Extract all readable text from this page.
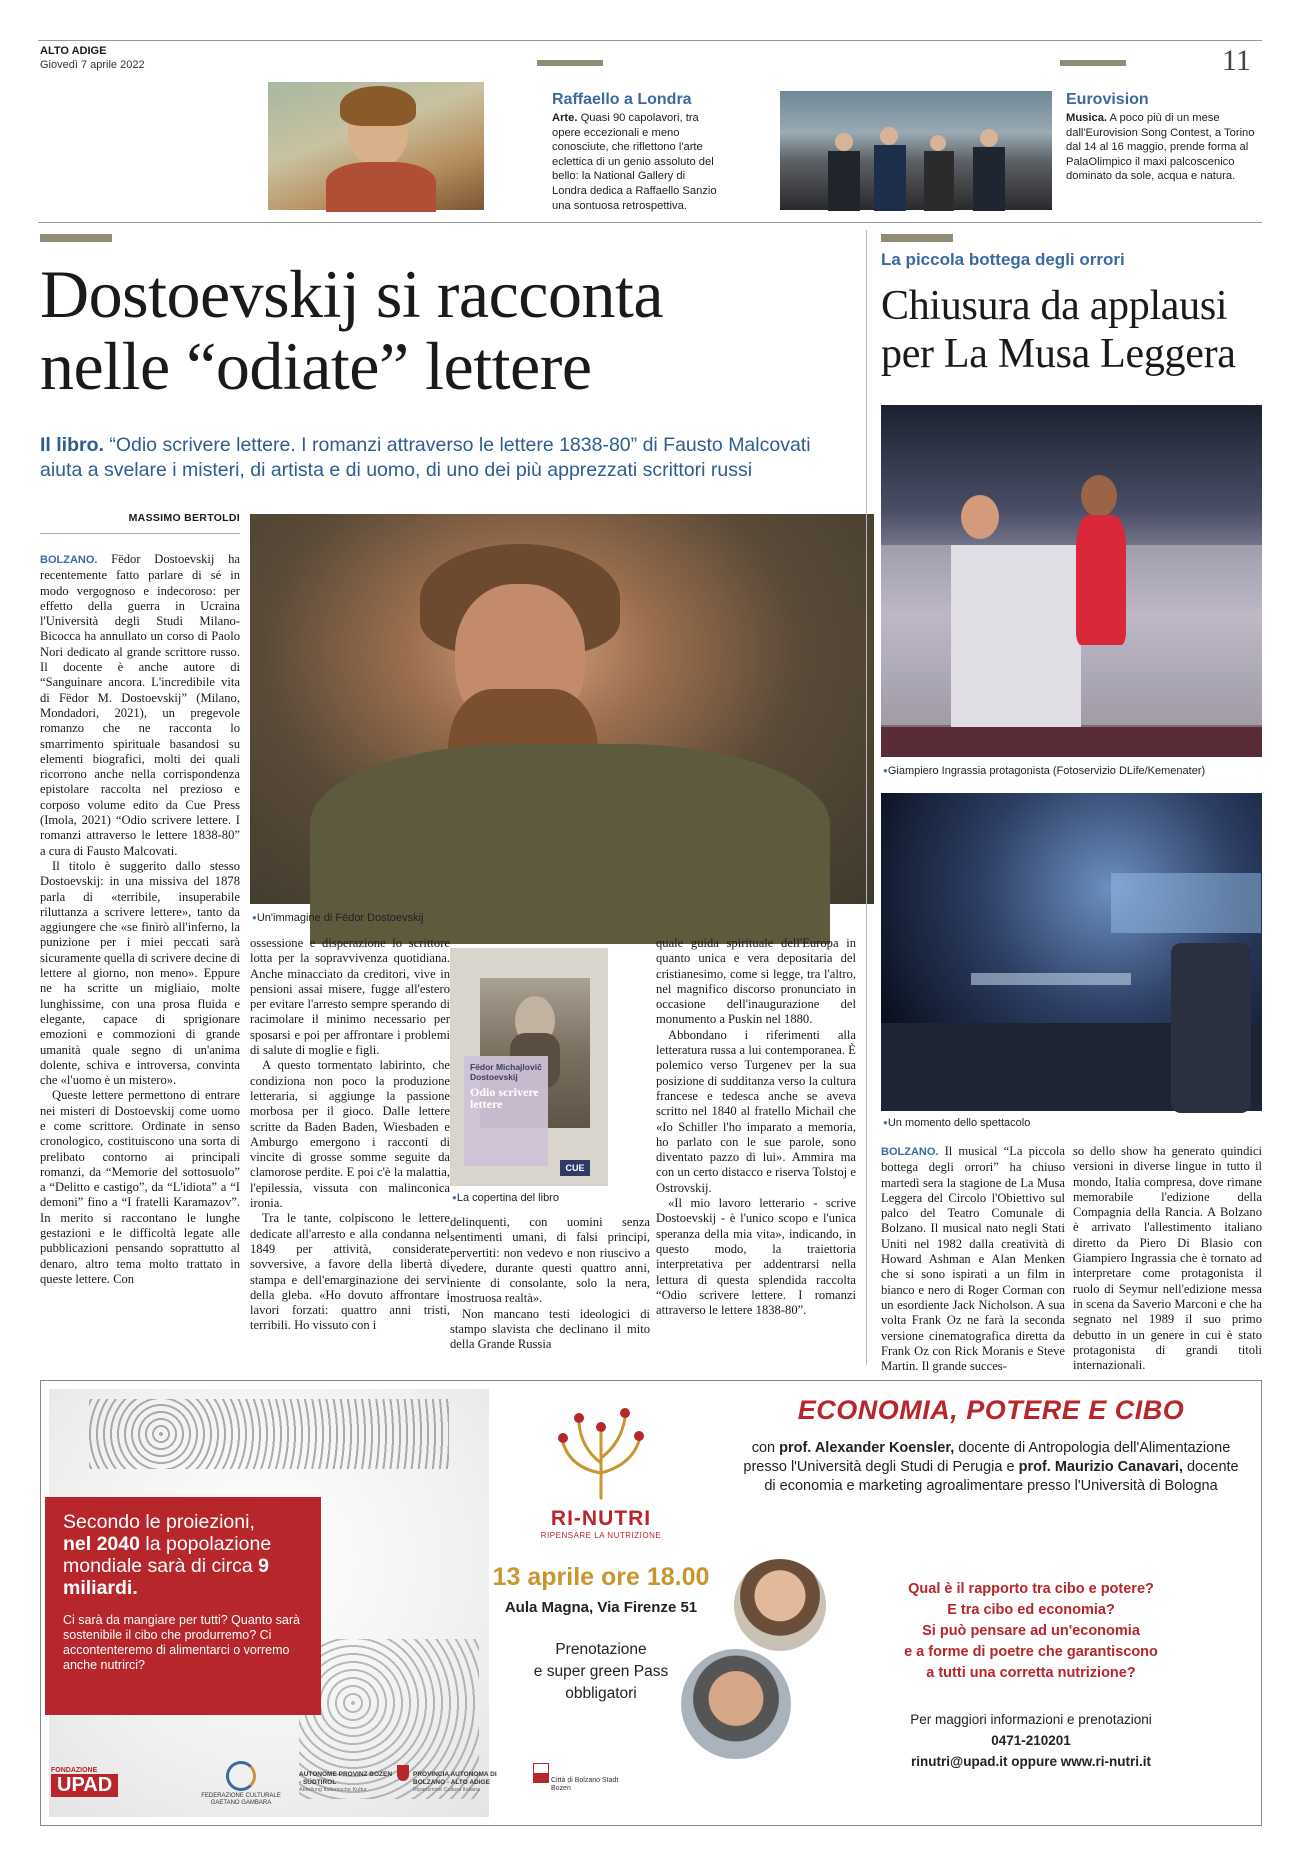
ALTO ADIGE
Giovedì 7 aprile 2022	11
Raffaello a Londra
Arte. Quasi 90 capolavori, tra opere eccezionali e meno conosciute, che riflettono l'arte eclettica di un genio assoluto del bello: la National Gallery di Londra dedica a Raffaello Sanzio una sontuosa retrospettiva.
Eurovision
Musica. A poco più di un mese dall'Eurovision Song Contest, a Torino dal 14 al 16 maggio, prende forma al PalaOlimpico il maxi palcoscenico dominato da sole, acqua e natura.
Dostoevskij si racconta
nelle “odiate” lettere
Il libro. “Odio scrivere lettere. I romanzi attraverso le lettere 1838-80” di Fausto Malcovati aiuta a svelare i misteri, di artista e di uomo, di uno dei più apprezzati scrittori russi
MASSIMO BERTOLDI
● Un'immagine di Fëdor Dostoevskij

BOLZANO. Fëdor Dostoevskij ha recentemente fatto parlare di sé in modo vergognoso e indecoroso: per effetto della guerra in Ucraina l'Università degli Studi Milano-Bicocca ha annullato un corso di Paolo Nori dedicato al grande scrittore russo. Il docente è anche autore di “Sanguinare ancora. L'incredibile vita di Fëdor M. Dostoevskij” (Milano, Mondadori, 2021), un pregevole romanzo che ne racconta lo smarrimento spirituale basandosi su elementi biografici, molti dei quali ricorrono anche nella corrispondenza epistolare raccolta nel prezioso e corposo volume edito da Cue Press (Imola, 2021) “Odio scrivere lettere. I romanzi attraverso le lettere 1838-80” a cura di Fausto Malcovati.

Il titolo è suggerito dallo stesso Dostoevskij: in una missiva del 1878 parla di «terribile, insuperabile riluttanza a scrivere lettere», tanto da aggiungere che «se finirò all'inferno, la punizione per i miei peccati sarà sicuramente quella di scrivere decine di lettere al giorno, non meno». Eppure ne ha scritte un migliaio, molte lunghissime, con una prosa fluida e elegante, capace di sprigionare emozioni e commozioni di grande umanità quale segno di un'anima dolente, schiva e introversa, convinta che «l'uomo è un mistero».

Queste lettere permettono di entrare nei misteri di Dostoevskij come uomo e come scrittore. Ordinate in senso cronologico, costituiscono una sorta di prelibato contorno ai principali romanzi, da “Memorie del sottosuolo” a “Delitto e castigo”, da “L'idiota” a “I demoni” fino a “I fratelli Karamazov”. In merito si raccontano le lunghe gestazioni e le difficoltà legate alle pubblicazioni pensando soprattutto al denaro, altro tema molto trattato in queste lettere. Con

ossessione e disperazione lo scrittore lotta per la sopravvivenza quotidiana. Anche minacciato da creditori, vive in pensioni assai misere, fugge all'estero per evitare l'arresto sempre sperando di racimolare il minimo necessario per sposarsi e poi per affrontare i problemi di salute di moglie e figli.

A questo tormentato labirinto, che condiziona non poco la produzione letteraria, si aggiunge la passione morbosa per il gioco. Dalle lettere scritte da Baden Baden, Wiesbaden e Amburgo emergono i racconti di vincite di grosse somme seguite da clamorose perdite. E poi c'è la malattia, l'epilessia, vissuta con malinconica ironia.

Tra le tante, colpiscono le lettere dedicate all'arresto e alla condanna nel 1849 per attività, considerate sovversive, a favore della libertà di stampa e dell'emarginazione dei servi della gleba. «Ho dovuto affrontare i lavori forzati: quattro anni tristi, terribili. Ho vissuto con i

Fëdor Michajlovič Dostoevskij
Odio scrivere lettere
CUE
● La copertina del libro

delinquenti, con uomini senza sentimenti umani, di falsi principi, pervertiti: non vedevo e non riuscivo a vedere, durante questi quattro anni, niente di consolante, solo la nera, mostruosa realtà».

Non mancano testi ideologici di stampo slavista che declinano il mito della Grande Russia

quale guida spirituale dell'Europa in quanto unica e vera depositaria del cristianesimo, come si legge, tra l'altro, nel magnifico discorso pronunciato in occasione dell'inaugurazione del monumento a Puskin nel 1880.

Abbondano i riferimenti alla letteratura russa a lui contemporanea. È polemico verso Turgenev per la sua posizione di sudditanza verso la cultura francese e tedesca anche se aveva scritto nel 1840 al fratello Michail che «Io Schiller l'ho imparato a memoria, ho parlato con le sue parole, sono diventato pazzo di lui». Ammira ma con un certo distacco e riserva Tolstoj e Ostrovskij.

«Il mio lavoro letterario - scrive Dostoevskij - è l'unico scopo e l'unica speranza della mia vita», indicando, in questo modo, la traiettoria interpretativa per addentrarsi nella lettura di questa splendida raccolta “Odio scrivere lettere. I romanzi attraverso le lettere 1838-80”.

La piccola bottega degli orrori
Chiusura da applausi
per La Musa Leggera
● Giampiero Ingrassia protagonista (Fotoservizio DLife/Kemenater)
● Un momento dello spettacolo

BOLZANO. Il musical “La piccola bottega degli orrori” ha chiuso martedì sera la stagione de La Musa Leggera del Circolo l'Obiettivo sul palco del Teatro Comunale di Bolzano. Il musical nato negli Stati Uniti nel 1982 dalla creatività di Howard Ashman e Alan Menken che si sono ispirati a un film in bianco e nero di Roger Corman con un esordiente Jack Nicholson. A sua volta Frank Oz ne farà la seconda versione cinematografica diretta da Frank Oz con Rick Moranis e Steve Martin. Il grande succes-

so dello show ha generato quindici versioni in diverse lingue in tutto il mondo, Italia compresa, dove rimane memorabile l'edizione della Compagnia della Rancia. A Bolzano è arrivato l'allestimento italiano diretto da Piero Di Blasio con Giampiero Ingrassia che è tornato ad interpretare come protagonista il ruolo di Seymur nell'edizione messa in scena da Saverio Marconi e che ha segnato nel 1989 il suo primo debutto in un genere in cui è stato protagonista di grandi titoli internazionali.

Secondo le proiezioni,
nel 2040 la popolazione mondiale sarà di circa 9 miliardi.
Ci sarà da mangiare per tutti? Quanto sarà sostenibile il cibo che produrremo? Ci accontenteremo di alimentarci o vorremo anche nutrirci?
RI-NUTRI
RIPENSARE LA NUTRIZIONE
13 aprile ore 18.00
Aula Magna, Via Firenze 51
Prenotazione
e super green Pass
obbligatori
ECONOMIA, POTERE E CIBO
con prof. Alexander Koensler, docente di Antropologia dell'Alimentazione presso l'Università degli Studi di Perugia e prof. Maurizio Canavari, docente di economia e marketing agroalimentare presso l'Università di Bologna
Qual è il rapporto tra cibo e potere?
E tra cibo ed economia?
Si può pensare ad un'economia
e a forme di poetre che garantiscono
a tutti una corretta nutrizione?
Per maggiori informazioni e prenotazioni
0471-210201
rinutri@upad.it oppure www.ri-nutri.it
FONDAZIONE
UPAD	FEDERAZIONE CULTURALE GAETANO GAMBARA
AUTONOME PROVINZ BOZEN - SÜDTIROL
Abteilung Italienische Kultur
PROVINCIA AUTONOMA DI BOLZANO - ALTO ADIGE
Ripartizione Cultura italiana
Città di Bolzano Stadt Bozen
